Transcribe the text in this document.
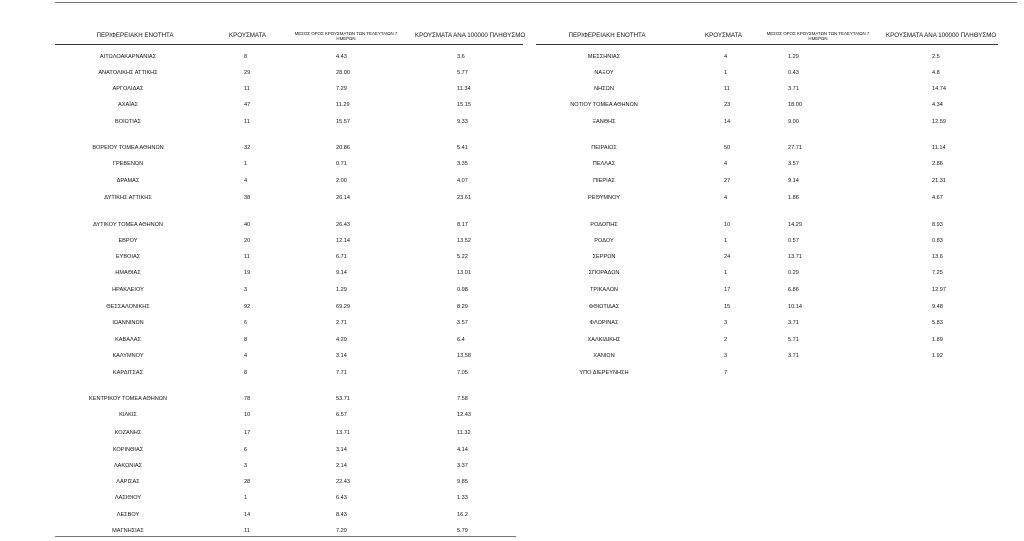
ΠΕΡΙΦΕΡΕΙΑΚΗ ΕΝΟΤΗΤΑ	ΚΡΟΥΣΜΑΤΑ	ΜΕΣΟΣ ΟΡΟΣ ΚΡΟΥΣΜΑΤΩΝ ΤΩΝ ΤΕΛΕΥΤΑΙΩΝ 7 ΗΜΕΡΩΝ	ΚΡΟΥΣΜΑΤΑ ΑΝΑ 100000 ΠΛΗΘΥΣΜΟ	ΠΕΡΙΦΕΡΕΙΑΚΗ ΕΝΟΤΗΤΑ	ΚΡΟΥΣΜΑΤΑ	ΜΕΣΟΣ ΟΡΟΣ ΚΡΟΥΣΜΑΤΩΝ ΤΩΝ ΤΕΛΕΥΤΑΙΩΝ 7 ΗΜΕΡΩΝ	ΚΡΟΥΣΜΑΤΑ ΑΝΑ 100000 ΠΛΗΘΥΣΜΟ
ΑΙΤΩΛΟΑΚΑΡΝΑΝΙΑΣ	8	4.43	3.6
ΑΝΑΤΟΛΙΚΗΣ ΑΤΤΙΚΗΣ	29	28.00	5.77
ΑΡΓΟΛΙΔΑΣ	11	7.29	11.34
ΑΧΑΪΑΣ	47	11.29	15.15
ΒΟΙΩΤΙΑΣ	11	15.57	9.33
ΒΟΡΕΙΟΥ ΤΟΜΕΑ ΑΘΗΝΩΝ	32	20.86	5.41
ΓΡΕΒΕΝΩΝ	1	0.71	3.35
ΔΡΑΜΑΣ	4	2.00	4.07
ΔΥΤΙΚΗΣ ΑΤΤΙΚΗΣ	38	26.14	23.61
ΔΥΤΙΚΟΥ ΤΟΜΕΑ ΑΘΗΝΩΝ	40	26.43	8.17
ΕΒΡΟΥ	20	12.14	13.52
ΕΥΒΟΙΑΣ	11	6.71	5.22
ΗΜΑΘΙΑΣ	19	9.14	13.01
ΗΡΑΚΛΕΙΟΥ	3	1.29	0.98
ΘΕΣΣΑΛΟΝΙΚΗΣ	92	69.29	8.29
ΙΩΑΝΝΙΝΩΝ	6	2.71	3.57
ΚΑΒΑΛΑΣ	8	4.29	6.4
ΚΑΛΥΜΝΟΥ	4	3.14	13.58
ΚΑΡΔΙΤΣΑΣ	8	7.71	7.05
ΚΕΝΤΡΙΚΟΥ ΤΟΜΕΑ ΑΘΗΝΩΝ	78	53.71	7.58
ΚΙΛΚΙΣ	10	6.57	12.43
ΚΟΖΑΝΗΣ	17	13.71	11.32
ΚΟΡΙΝΘΙΑΣ	6	3.14	4.14
ΛΑΚΩΝΙΑΣ	3	2.14	3.37
ΛΑΡΙΣΑΣ	28	22.43	9.85
ΛΑΣΙΘΙΟΥ	1	6.43	1.33
ΛΕΣΒΟΥ	14	8.43	16.2
ΜΑΓΝΗΣΙΑΣ	11	7.29	5.79
ΜΕΣΣΗΝΙΑΣ	4	1.29	2.5
ΝΑΞΟΥ	1	0.43	4.8
ΝΗΣΩΝ	11	3.71	14.74
ΝΟΤΙΟΥ ΤΟΜΕΑ ΑΘΗΝΩΝ	23	18.00	4.34
ΞΑΝΘΗΣ	14	9.00	12.59
ΠΕΙΡΑΙΩΣ	50	27.71	11.14
ΠΕΛΛΑΣ	4	3.57	2.86
ΠΙΕΡΙΑΣ	27	9.14	21.31
ΡΕΘΥΜΝΟΥ	4	1.86	4.67
ΡΟΔΟΠΗΣ	10	14.29	8.93
ΡΟΔΟΥ	1	0.57	0.83
ΣΕΡΡΩΝ	24	13.71	13.6
ΣΠΟΡΑΔΩΝ	1	0.29	7.25
ΤΡΙΚΑΛΩΝ	17	6.86	12.97
ΦΘΙΩΤΙΔΑΣ	15	10.14	9.48
ΦΛΩΡΙΝΑΣ	3	3.71	5.83
ΧΑΛΚΙΔΙΚΗΣ	2	5.71	1.89
ΧΑΝΙΩΝ	3	3.71	1.92
ΥΠΟ ΔΙΕΡΕΥΝΗΣΗ	7
